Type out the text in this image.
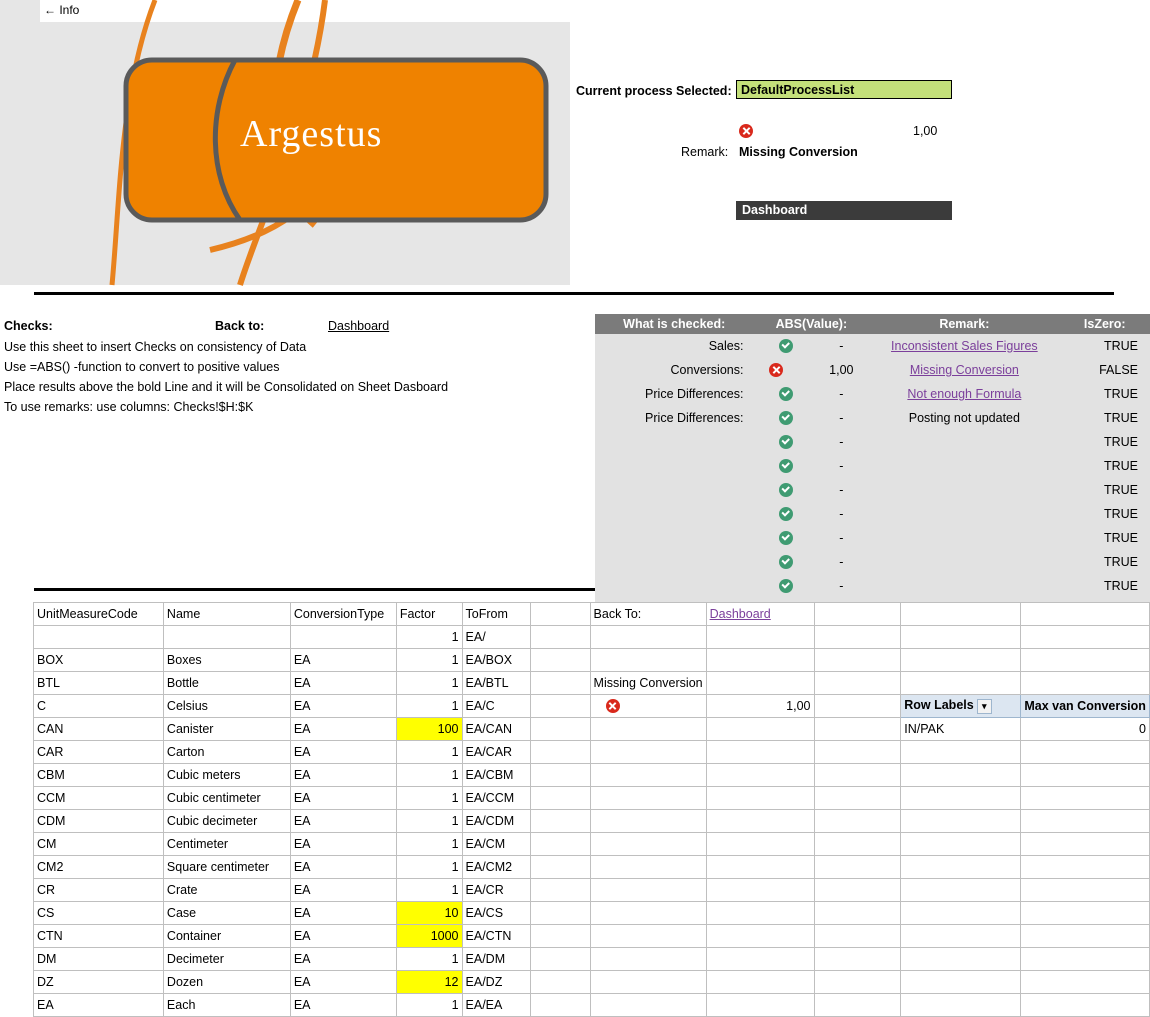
← Info
Argestus
Current process Selected: DefaultProcessList
1,00
Remark: Missing Conversion
Dashboard
Checks:	Back to:	Dashboard
Use this sheet to insert Checks on consistency of Data
Use =ABS() -function to convert to positive values
Place results above the bold Line and it will be Consolidated on Sheet Dasboard
To use remarks: use columns: Checks!$H:$K
What is checked:	ABS(Value):	Remark:	IsZero:
Sales:	-	Inconsistent Sales Figures	TRUE
Conversions:	1,00	Missing Conversion	FALSE
Price Differences:	-	Not enough Formula	TRUE
Price Differences:	-	Posting not updated	TRUE
	-		TRUE
	-		TRUE
	-		TRUE
	-		TRUE
	-		TRUE
	-		TRUE
	-		TRUE

UnitMeasureCode	Name	ConversionType	Factor	ToFrom		Back To:	Dashboard			
			1	EA/						
BOX	Boxes	EA	1	EA/BOX						
BTL	Bottle	EA	1	EA/BTL		Missing Conversion				
C	Celsius	EA	1	EA/C			1,00		Row Labels ▾	Max van Conversion
CAN	Canister	EA	100	EA/CAN					IN/PAK	0
CAR	Carton	EA	1	EA/CAR						
CBM	Cubic meters	EA	1	EA/CBM						
CCM	Cubic centimeter	EA	1	EA/CCM						
CDM	Cubic decimeter	EA	1	EA/CDM						
CM	Centimeter	EA	1	EA/CM						
CM2	Square centimeter	EA	1	EA/CM2						
CR	Crate	EA	1	EA/CR						
CS	Case	EA	10	EA/CS						
CTN	Container	EA	1000	EA/CTN						
DM	Decimeter	EA	1	EA/DM						
DZ	Dozen	EA	12	EA/DZ						
EA	Each	EA	1	EA/EA						
